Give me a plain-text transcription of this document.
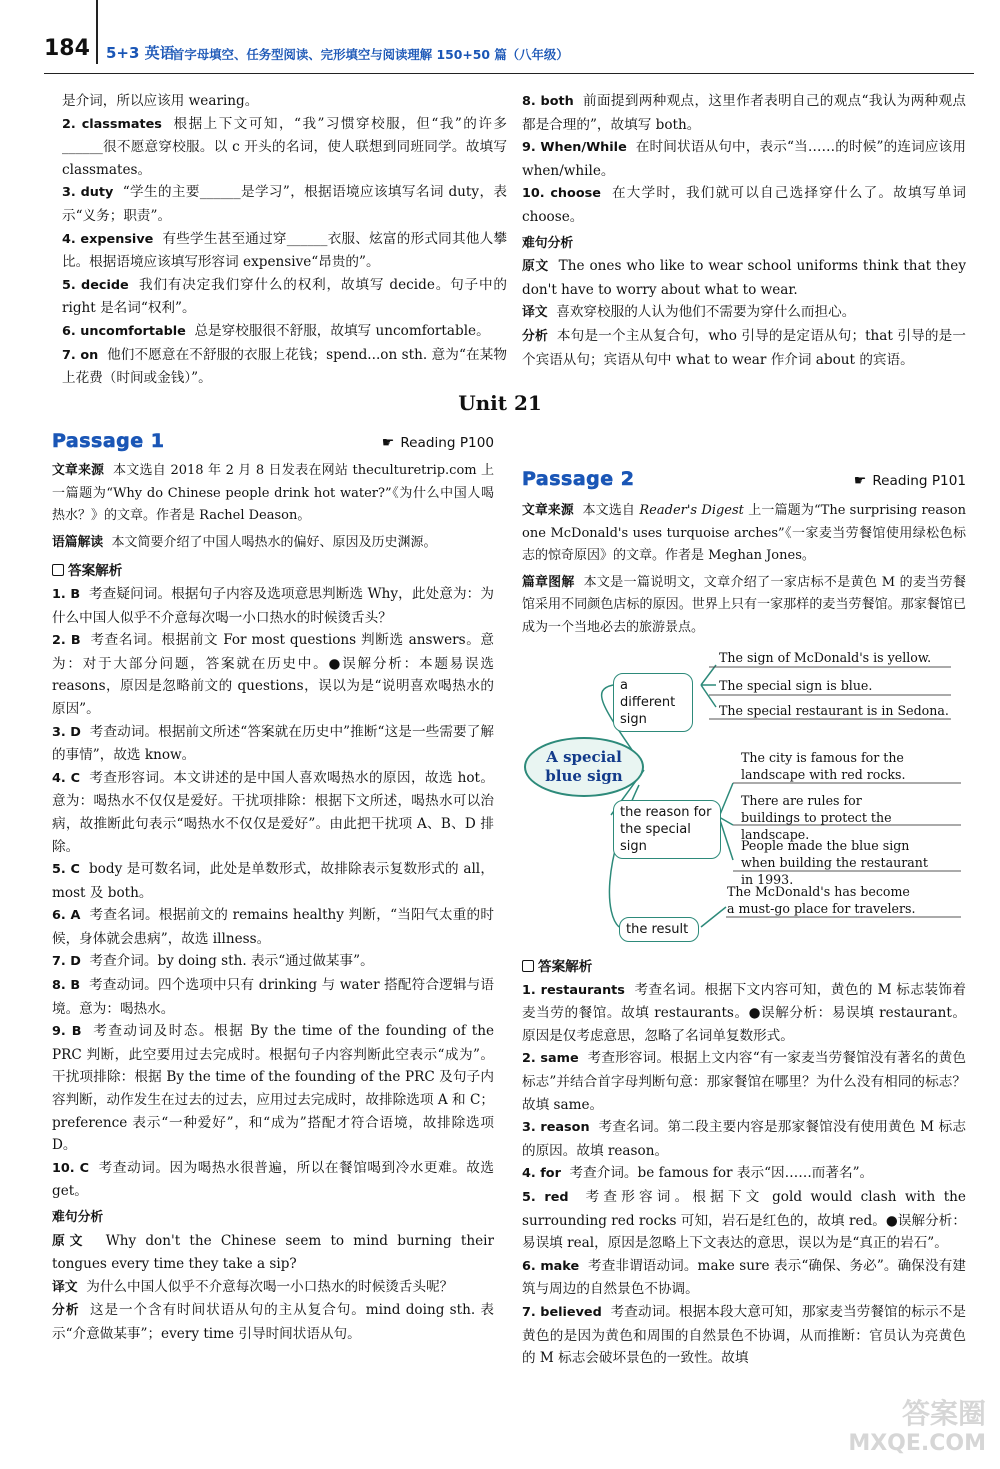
184 5+3 英语
首字母填空、任务型阅读、完形填空与阅读理解 150+50 篇（八年级）

是介词，所以应该用 wearing。

2. classmates 根据上下文可知，“我”习惯穿校服，但“我”的许多______很不愿意穿校服。以 c 开头的名词，使人联想到同班同学。故填写 classmates。

3. duty “学生的主要______是学习”，根据语境应该填写名词 duty，表示“义务；职责”。

4. expensive 有些学生甚至通过穿______衣服、炫富的形式同其他人攀比。根据语境应该填写形容词 expensive“昂贵的”。

5. decide 我们有决定我们穿什么的权利，故填写 decide。句子中的 right 是名词“权利”。

6. uncomfortable 总是穿校服很不舒服，故填写 uncomfortable。

7. on 他们不愿意在不舒服的衣服上花钱；spend...on sth. 意为“在某物上花费（时间或金钱）”。

8. both 前面提到两种观点，这里作者表明自己的观点“我认为两种观点都是合理的”，故填写 both。

9. When/While 在时间状语从句中，表示“当……的时候”的连词应该用 when/while。

10. choose 在大学时，我们就可以自己选择穿什么了。故填写单词 choose。

难句分析

原文 The ones who like to wear school uniforms think that they don't have to worry about what to wear.

译文 喜欢穿校服的人认为他们不需要为穿什么而担心。

分析 本句是一个主从复合句，who 引导的是定语从句；that 引导的是一个宾语从句；宾语从句中 what to wear 作介词 about 的宾语。

Unit 21
Passage 1	☛ Reading P100

文章来源 本文选自 2018 年 2 月 8 日发表在网站 theculturetrip.com 上一篇题为“Why do Chinese people drink hot water?”《为什么中国人喝热水？》的文章。作者是 Rachel Deason。

语篇解读 本文简要介绍了中国人喝热水的偏好、原因及历史渊源。

答案解析

1. B 考查疑问词。根据句子内容及选项意思判断选 Why，此处意为：为什么中国人似乎不介意每次喝一小口热水的时候烫舌头？

2. B 考查名词。根据前文 For most questions 判断选 answers。意为：对于大部分问题，答案就在历史中。●误解分析：本题易误选 reasons，原因是忽略前文的 questions，误以为是“说明喜欢喝热水的原因”。

3. D 考查动词。根据前文所述“答案就在历史中”推断“这是一些需要了解的事情”，故选 know。

4. C 考查形容词。本文讲述的是中国人喜欢喝热水的原因，故选 hot。意为：喝热水不仅仅是爱好。干扰项排除：根据下文所述，喝热水可以治病，故推断此句表示“喝热水不仅仅是爱好”。由此把干扰项 A、B、D 排除。

5. C body 是可数名词，此处是单数形式，故排除表示复数形式的 all，most 及 both。

6. A 考查名词。根据前文的 remains healthy 判断，“当阳气太重的时候，身体就会患病”，故选 illness。

7. D 考查介词。by doing sth. 表示“通过做某事”。

8. B 考查动词。四个选项中只有 drinking 与 water 搭配符合逻辑与语境。意为：喝热水。

9. B 考查动词及时态。根据 By the time of the founding of the PRC 判断，此空要用过去完成时。根据句子内容判断此空表示“成为”。干扰项排除：根据 By the time of the founding of the PRC 及句子内容判断，动作发生在过去的过去，应用过去完成时，故排除选项 A 和 C；preference 表示“一种爱好”，和“成为”搭配才符合语境，故排除选项 D。

10. C 考查动词。因为喝热水很普遍，所以在餐馆喝到冷水更难。故选 get。

难句分析

原文 Why don't the Chinese seem to mind burning their tongues every time they take a sip?

译文 为什么中国人似乎不介意每次喝一小口热水的时候烫舌头呢？

分析 这是一个含有时间状语从句的主从复合句。mind doing sth. 表示“介意做某事”；every time 引导时间状语从句。

Passage 2	☛ Reading P101

文章来源 本文选自 Reader's Digest 上一篇题为“The surprising reason one McDonald's uses turquoise arches”《一家麦当劳餐馆使用绿松色标志的惊奇原因》的文章。作者是 Meghan Jones。

篇章图解 本文是一篇说明文，文章介绍了一家店标不是黄色 M 的麦当劳餐馆采用不同颜色店标的原因。世界上只有一家那样的麦当劳餐馆。那家餐馆已成为一个当地必去的旅游景点。

A special blue sign
a different sign
The sign of McDonald's is yellow.
The special sign is blue.
The special restaurant is in Sedona.
the reason for the special sign
The city is famous for the landscape with red rocks.
There are rules for buildings to protect the landscape.
People made the blue sign when building the restaurant in 1993.
the result
The McDonald's has become a must-go place for travelers.

答案解析

1. restaurants 考查名词。根据下文内容可知，黄色的 M 标志装饰着麦当劳的餐馆。故填 restaurants。●误解分析：易误填 restaurant。原因是仅考虑意思，忽略了名词单复数形式。

2. same 考查形容词。根据上文内容“有一家麦当劳餐馆没有著名的黄色标志”并结合首字母判断句意：那家餐馆在哪里？为什么没有相同的标志？故填 same。

3. reason 考查名词。第二段主要内容是那家餐馆没有使用黄色 M 标志的原因。故填 reason。

4. for 考查介词。be famous for 表示“因……而著名”。

5. red 考查形容词。根据下文 gold would clash with the surrounding red rocks 可知，岩石是红色的，故填 red。●误解分析：易误填 real，原因是忽略上下文表达的意思，误以为是“真正的岩石”。

6. make 考查非谓语动词。make sure 表示“确保、务必”。确保没有建筑与周边的自然景色不协调。

7. believed 考查动词。根据本段大意可知，那家麦当劳餐馆的标示不是黄色的是因为黄色和周围的自然景色不协调，从而推断：官员认为亮黄色的 M 标志会破坏景色的一致性。故填

答案圈
MXQE.COM
